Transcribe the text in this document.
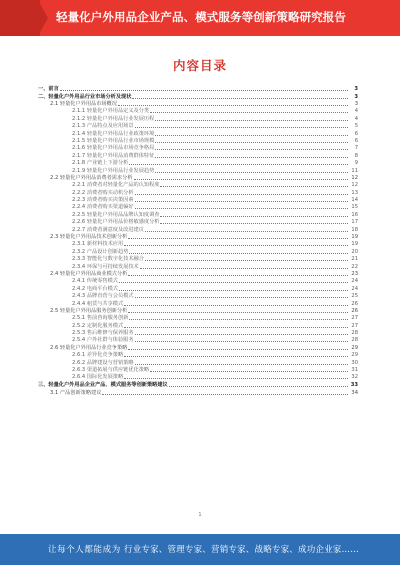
轻量化户外用品企业产品、模式服务等创新策略研究报告
内容目录
一、前言	3
二、轻量化户外用品行业市场分析及现状	3
2.1 轻量化户外用品市场概况	3
2.1.1 轻量化户外用品定义及分类	4
2.1.2 轻量化户外用品行业发展历程	4
2.1.3 产品特点及应用场景	5
2.1.4 轻量化户外用品行业政策环境	6
2.1.5 轻量化户外用品行业市场规模	6
2.1.6 轻量化户外用品市场竞争格局	7
2.1.7 轻量化户外用品消费群体特征	8
2.1.8 产业链上下游分析	9
2.1.9 轻量化户外用品行业发展趋势	11
2.2 轻量化户外用品消费者需求分析	12
2.2.1 消费者对轻量化产品的认知程度	12
2.2.2 消费者购买动机分析	13
2.2.3 消费者购买决策因素	14
2.2.4 消费者购买渠道偏好	15
2.2.5 轻量化户外用品品牌认知度调查	16
2.2.6 轻量化户外用品价格敏感度分析	17
2.2.7 消费者满意度及改进建议	18
2.3 轻量化户外用品技术创新分析	19
2.3.1 新材料技术应用	19
2.3.2 产品设计创新趋势	20
2.3.3 智能化与数字化技术融合	21
2.3.4 环保与可持续发展技术	22
2.4 轻量化户外用品商业模式分析	23
2.4.1 传统零售模式	24
2.4.2 电商平台模式	24
2.4.3 品牌直营与会员模式	25
2.4.4 租赁与共享模式	26
2.5 轻量化户外用品服务创新分析	26
2.5.1 售前咨询服务创新	27
2.5.2 定制化服务模式	27
2.5.3 售后维修与保养服务	28
2.5.4 户外社群与体验服务	28
2.6 轻量化户外用品行业竞争策略	29
2.6.1 差异化竞争策略	29
2.6.2 品牌建设与营销策略	30
2.6.3 渠道拓展与供应链优化策略	31
2.6.4 国际化发展策略	32
三、轻量化户外用品企业产品、模式服务等创新策略建议	33
3.1 产品创新策略建议	34
1
让每个人都能成为 行业专家、管理专家、营销专家、战略专家、成功企业家……
